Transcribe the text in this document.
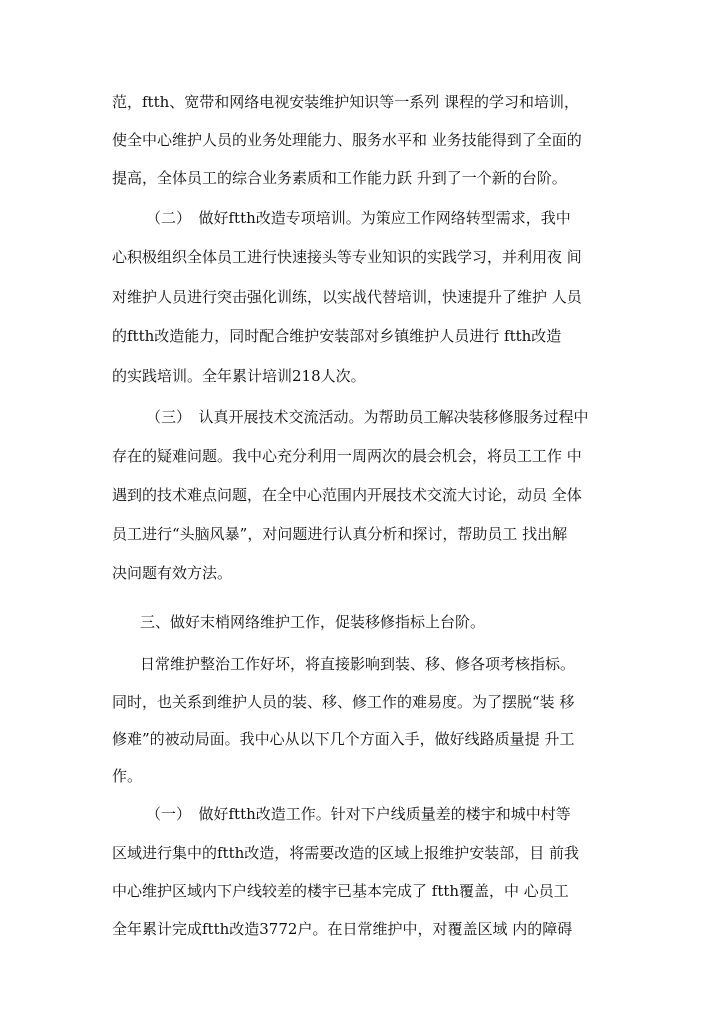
范，ftth、宽带和网络电视安装维护知识等一系列 课程的学习和培训，
使全中心维护人员的业务处理能力、服务水平和 业务技能得到了全面的
提高，全体员工的综合业务素质和工作能力跃 升到了一个新的台阶。
（二）　做好ftth改造专项培训。为策应工作网络转型需求，我中
心积极组织全体员工进行快速接头等专业知识的实践学习，并利用夜 间
对维护人员进行突击强化训练，以实战代替培训，快速提升了维护 人员
的ftth改造能力，同时配合维护安装部对乡镇维护人员进行 ftth改造
的实践培训。全年累计培训218人次。
（三）　认真开展技术交流活动。为帮助员工解决装移修服务过程中
存在的疑难问题。我中心充分利用一周两次的晨会机会，将员工工作 中
遇到的技术难点问题，在全中心范围内开展技术交流大讨论，动员 全体
员工进行“头脑风暴”，对问题进行认真分析和探讨，帮助员工 找出解
决问题有效方法。
三、做好末梢网络维护工作，促装移修指标上台阶。
日常维护整治工作好坏，将直接影响到装、移、修各项考核指标。
同时，也关系到维护人员的装、移、修工作的难易度。为了摆脱“装 移
修难”的被动局面。我中心从以下几个方面入手，做好线路质量提 升工
作。
（一）　做好ftth改造工作。针对下户线质量差的楼宇和城中村等
区域进行集中的ftth改造，将需要改造的区域上报维护安装部，目 前我
中心维护区域内下户线较差的楼宇已基本完成了 ftth覆盖，中 心员工
全年累计完成ftth改造3772户。在日常维护中，对覆盖区域 内的障碍
